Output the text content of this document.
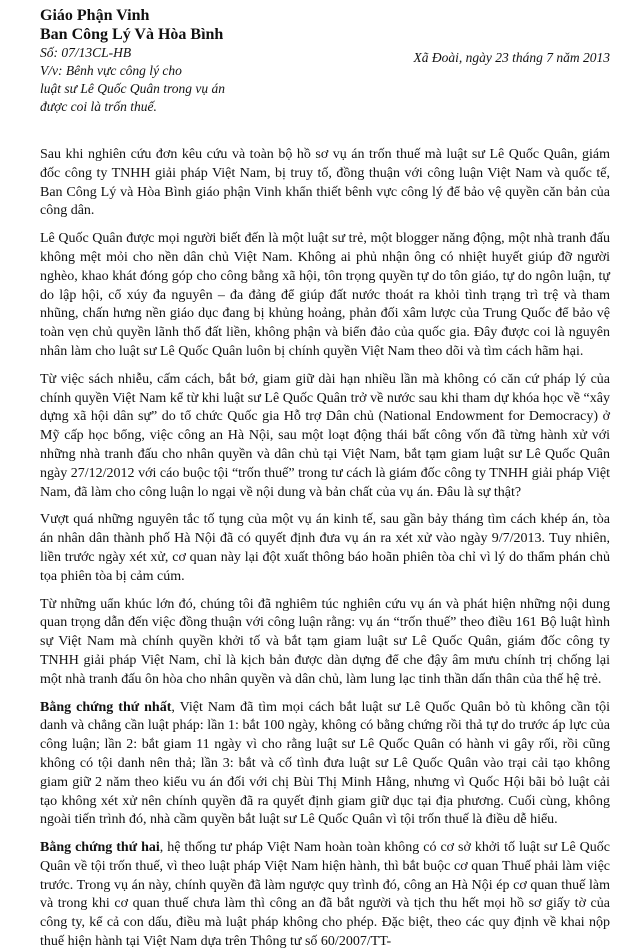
Giáo Phận Vinh
Ban Công Lý Và Hòa Bình
Số: 07/13CL-HB	Xã Đoài, ngày 23 tháng 7 năm 2013
V/v: Bênh vực công lý cho
luật sư Lê Quốc Quân trong vụ án
được coi là trốn thuế.

Sau khi nghiên cứu đơn kêu cứu và toàn bộ hồ sơ vụ án trốn thuế mà luật sư Lê Quốc Quân, giám đốc công ty TNHH giải pháp Việt Nam, bị truy tố, đồng thuận với công luận Việt Nam và quốc tế, Ban Công Lý và Hòa Bình giáo phận Vinh khẩn thiết bênh vực công lý để bảo vệ quyền căn bản của công dân.

Lê Quốc Quân được mọi người biết đến là một luật sư trẻ, một blogger năng động, một nhà tranh đấu không mệt mỏi cho nền dân chủ Việt Nam. Không ai phủ nhận ông có nhiệt huyết giúp đỡ người nghèo, khao khát đóng góp cho công bằng xã hội, tôn trọng quyền tự do tôn giáo, tự do ngôn luận, tự do lập hội, cổ xúy đa nguyên – đa đảng để giúp đất nước thoát ra khỏi tình trạng trì trệ và tham nhũng, chấn hưng nền giáo dục đang bị khủng hoảng, phản đối xâm lược của Trung Quốc để bảo vệ toàn vẹn chủ quyền lãnh thổ đất liền, không phận và biển đảo của quốc gia. Đây được coi là nguyên nhân làm cho luật sư Lê Quốc Quân luôn bị chính quyền Việt Nam theo dõi và tìm cách hãm hại.

Từ việc sách nhiễu, cấm cách, bắt bớ, giam giữ dài hạn nhiều lần mà không có căn cứ pháp lý của chính quyền Việt Nam kể từ khi luật sư Lê Quốc Quân trở về nước sau khi tham dự khóa học về “xây dựng xã hội dân sự” do tổ chức Quốc gia Hỗ trợ Dân chủ (National Endowment for Democracy) ở Mỹ cấp học bổng, việc công an Hà Nội, sau một loạt động thái bất công vốn đã từng hành xử với những nhà tranh đấu cho nhân quyền và dân chủ tại Việt Nam, bắt tạm giam luật sư Lê Quốc Quân ngày 27/12/2012 với cáo buộc tội “trốn thuế” trong tư cách là giám đốc công ty TNHH giải pháp Việt Nam, đã làm cho công luận lo ngại về nội dung và bản chất của vụ án. Đâu là sự thật?

Vượt quá những nguyên tắc tố tụng của một vụ án kinh tế, sau gần bảy tháng tìm cách khép án, tòa án nhân dân thành phố Hà Nội đã có quyết định đưa vụ án ra xét xử vào ngày 9/7/2013. Tuy nhiên, liền trước ngày xét xử, cơ quan này lại đột xuất thông báo hoãn phiên tòa chỉ vì lý do thẩm phán chủ tọa phiên tòa bị cảm cúm.

Từ những uẩn khúc lớn đó, chúng tôi đã nghiêm túc nghiên cứu vụ án và phát hiện những nội dung quan trọng dẫn đến việc đồng thuận với công luận rằng: vụ án “trốn thuế” theo điều 161 Bộ luật hình sự Việt Nam mà chính quyền khởi tố và bắt tạm giam luật sư Lê Quốc Quân, giám đốc công ty TNHH giải pháp Việt Nam, chỉ là kịch bản được dàn dựng để che đậy âm mưu chính trị chống lại một nhà tranh đấu ôn hòa cho nhân quyền và dân chủ, làm lung lạc tinh thần dấn thân của thế hệ trẻ.

Bằng chứng thứ nhất, Việt Nam đã tìm mọi cách bắt luật sư Lê Quốc Quân bỏ tù không cần tội danh và chẳng cần luật pháp: lần 1: bắt 100 ngày, không có bằng chứng rồi thả tự do trước áp lực của công luận; lần 2: bắt giam 11 ngày vì cho rằng luật sư Lê Quốc Quân có hành vi gây rối, rồi cũng không có tội danh nên thả; lần 3: bắt và cố tình đưa luật sư Lê Quốc Quân vào trại cải tạo không giam giữ 2 năm theo kiểu vu án đối với chị Bùi Thị Minh Hằng, nhưng vì Quốc Hội bãi bỏ luật cải tạo không xét xử nên chính quyền đã ra quyết định giam giữ dục tại địa phương. Cuối cùng, không ngoài tiến trình đó, nhà cầm quyền bắt luật sư Lê Quốc Quân vì tội trốn thuế là điều dễ hiểu.

Bằng chứng thứ hai, hệ thống tư pháp Việt Nam hoàn toàn không có cơ sở khởi tố luật sư Lê Quốc Quân về tội trốn thuế, vì theo luật pháp Việt Nam hiện hành, thì bắt buộc cơ quan Thuế phải làm việc trước. Trong vụ án này, chính quyền đã làm ngược quy trình đó, công an Hà Nội ép cơ quan thuế làm và trong khi cơ quan thuế chưa làm thì công an đã bắt người và tịch thu hết mọi hồ sơ giấy tờ của công ty, kể cả con dấu, điều mà luật pháp không cho phép. Đặc biệt, theo các quy định về khai nộp thuế hiện hành tại Việt Nam dựa trên Thông tư số 60/2007/TT-
